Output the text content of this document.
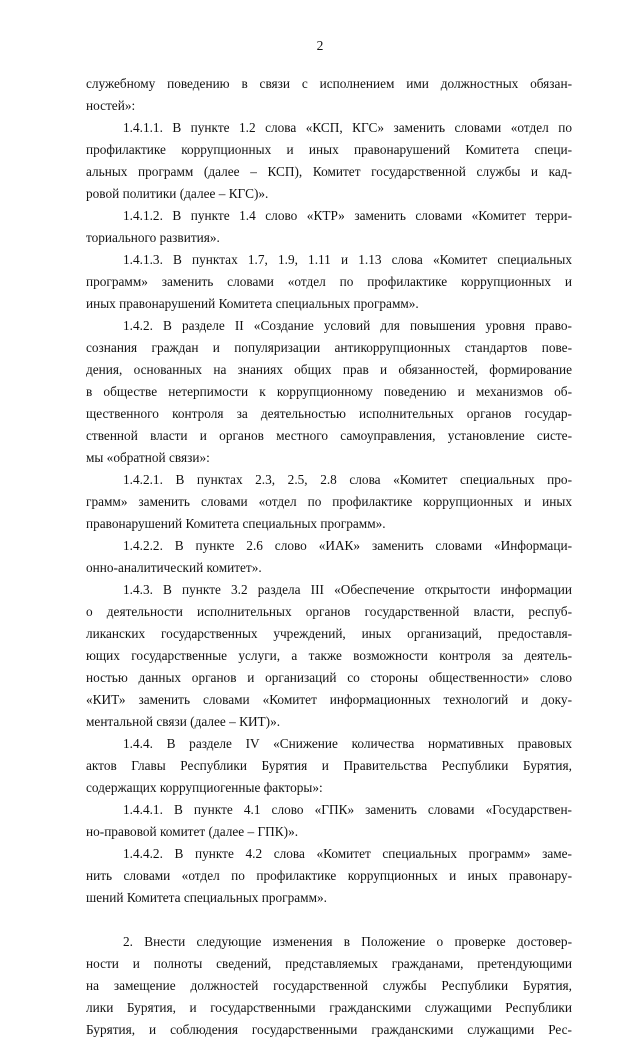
2
служебному поведению в связи с исполнением ими должностных обязан-
ностей»:
1.4.1.1. В пункте 1.2 слова «КСП, КГС» заменить словами «отдел по
профилактике коррупционных и иных правонарушений Комитета специ-
альных программ (далее – КСП), Комитет государственной службы и кад-
ровой политики (далее – КГС)».
1.4.1.2. В пункте 1.4 слово «КТР» заменить словами «Комитет терри-
ториального развития».
1.4.1.3. В пунктах 1.7, 1.9, 1.11 и 1.13 слова «Комитет специальных
программ» заменить словами «отдел по профилактике коррупционных и
иных правонарушений Комитета специальных программ».
1.4.2. В разделе II «Создание условий для повышения уровня право-
сознания граждан и популяризации антикоррупционных стандартов пове-
дения, основанных на знаниях общих прав и обязанностей, формирование
в обществе нетерпимости к коррупционному поведению и механизмов об-
щественного контроля за деятельностью исполнительных органов государ-
ственной власти и органов местного самоуправления, установление систе-
мы «обратной связи»:
1.4.2.1. В пунктах 2.3, 2.5, 2.8 слова «Комитет специальных про-
грамм» заменить словами «отдел по профилактике коррупционных и иных
правонарушений Комитета специальных программ».
1.4.2.2. В пункте 2.6 слово «ИАК» заменить словами «Информаци-
онно-аналитический комитет».
1.4.3. В пункте 3.2 раздела III «Обеспечение открытости информации
о деятельности исполнительных органов государственной власти, респуб-
ликанских государственных учреждений, иных организаций, предоставля-
ющих государственные услуги, а также возможности контроля за деятель-
ностью данных органов и организаций со стороны общественности» слово
«КИТ» заменить словами «Комитет информационных технологий и доку-
ментальной связи (далее – КИТ)».
1.4.4. В разделе IV «Снижение количества нормативных правовых
актов Главы Республики Бурятия и Правительства Республики Бурятия,
содержащих коррупциогенные факторы»:
1.4.4.1. В пункте 4.1 слово «ГПК» заменить словами «Государствен-
но-правовой комитет (далее – ГПК)».
1.4.4.2. В пункте 4.2 слова «Комитет специальных программ» заме-
нить словами «отдел по профилактике коррупционных и иных правонару-
шений Комитета специальных программ».
2. Внести следующие изменения в Положение о проверке достовер-
ности и полноты сведений, представляемых гражданами, претендующими
на замещение должностей государственной службы Республики Бурятия,
лики Бурятия, и государственными гражданскими служащими Республики
Бурятия, и соблюдения государственными гражданскими служащими Рес-
